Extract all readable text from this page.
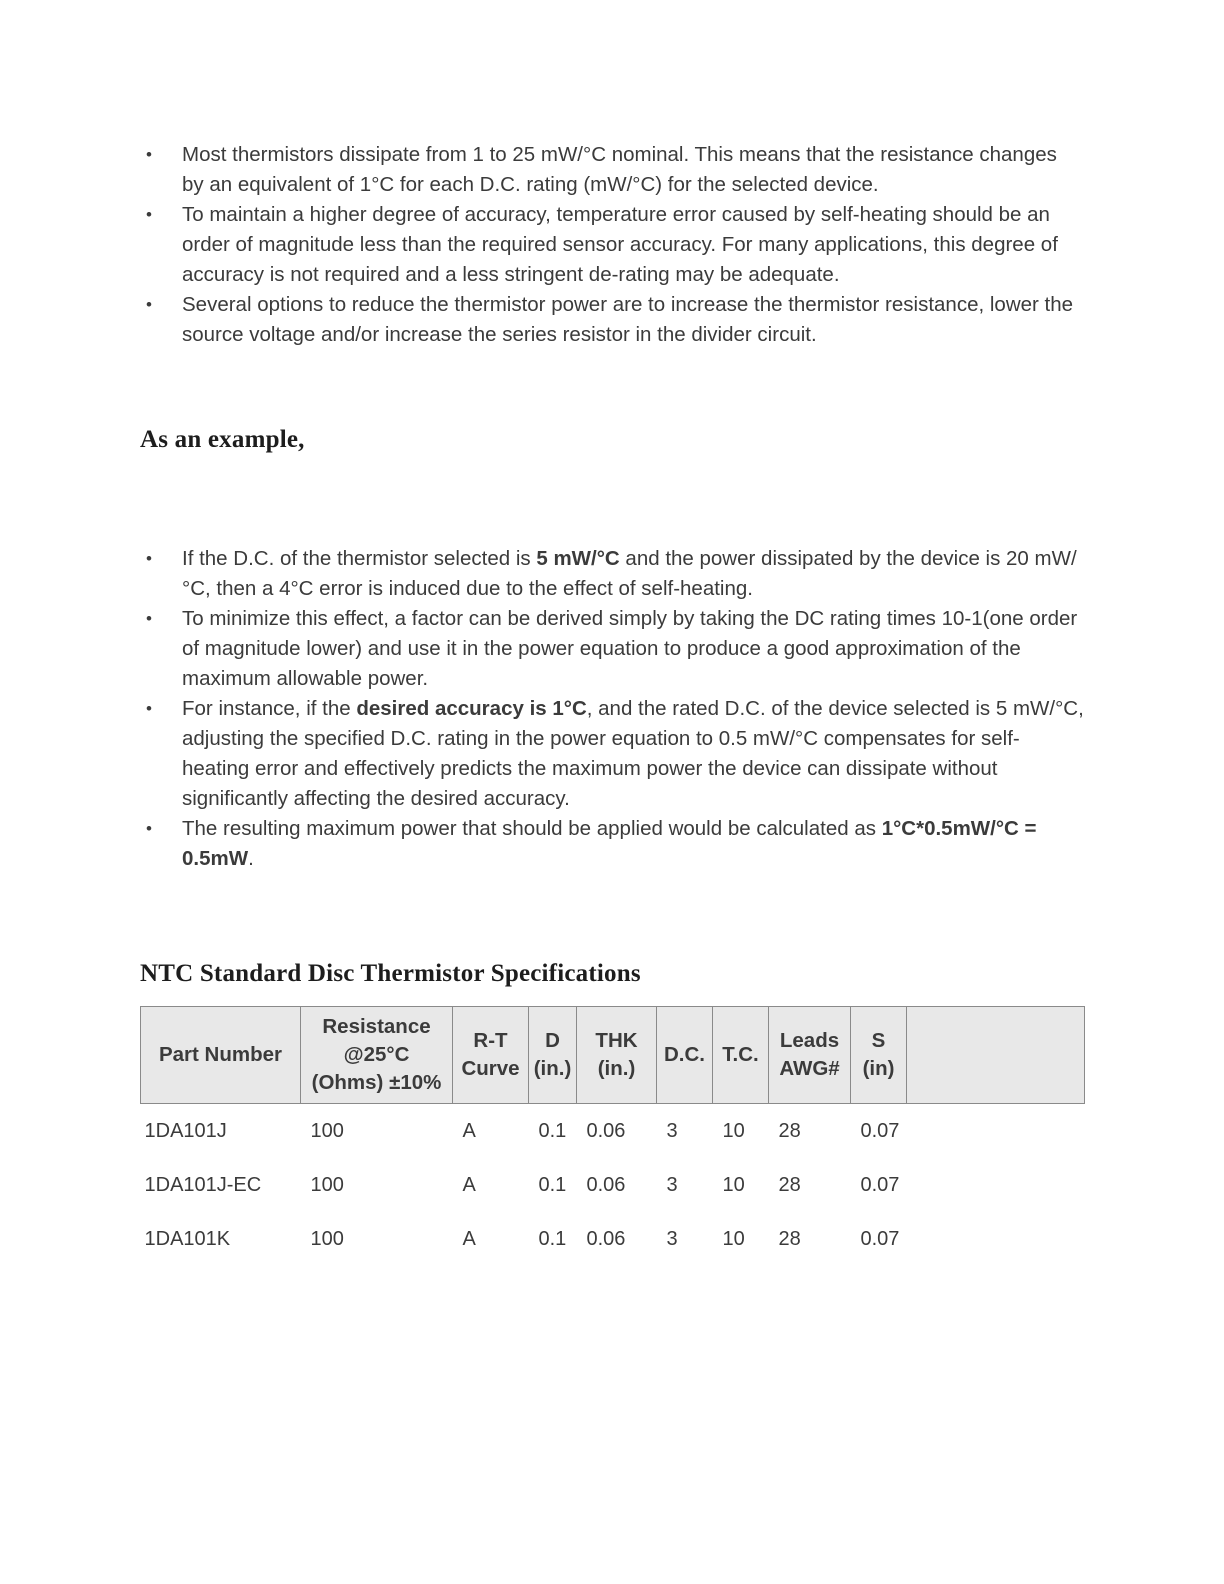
• Most thermistors dissipate from 1 to 25 mW/°C nominal. This means that the resistance changes by an equivalent of 1°C for each D.C. rating (mW/°C) for the selected device.
• To maintain a higher degree of accuracy, temperature error caused by self-heating should be an order of magnitude less than the required sensor accuracy. For many applications, this degree of accuracy is not required and a less stringent de-rating may be adequate.
• Several options to reduce the thermistor power are to increase the thermistor resistance, lower the source voltage and/or increase the series resistor in the divider circuit.
As an example,
• If the D.C. of the thermistor selected is 5 mW/°C and the power dissipated by the device is 20 mW/°C, then a 4°C error is induced due to the effect of self-heating.
• To minimize this effect, a factor can be derived simply by taking the DC rating times 10-1(one order of magnitude lower) and use it in the power equation to produce a good approximation of the maximum allowable power.
• For instance, if the desired accuracy is 1°C, and the rated D.C. of the device selected is 5 mW/°C, adjusting the specified D.C. rating in the power equation to 0.5 mW/°C compensates for self-heating error and effectively predicts the maximum power the device can dissipate without significantly affecting the desired accuracy.
• The resulting maximum power that should be applied would be calculated as 1°C*0.5mW/°C = 0.5mW.
NTC Standard Disc Thermistor Specifications
Part Number	Resistance @25°C (Ohms) ±10%	R-T Curve	D (in.)	THK (in.)	D.C.	T.C.	Leads AWG#	S (in)	
1DA101J	100	A	0.1	0.06	3	10	28	0.07	
1DA101J-EC	100	A	0.1	0.06	3	10	28	0.07	
1DA101K	100	A	0.1	0.06	3	10	28	0.07	
